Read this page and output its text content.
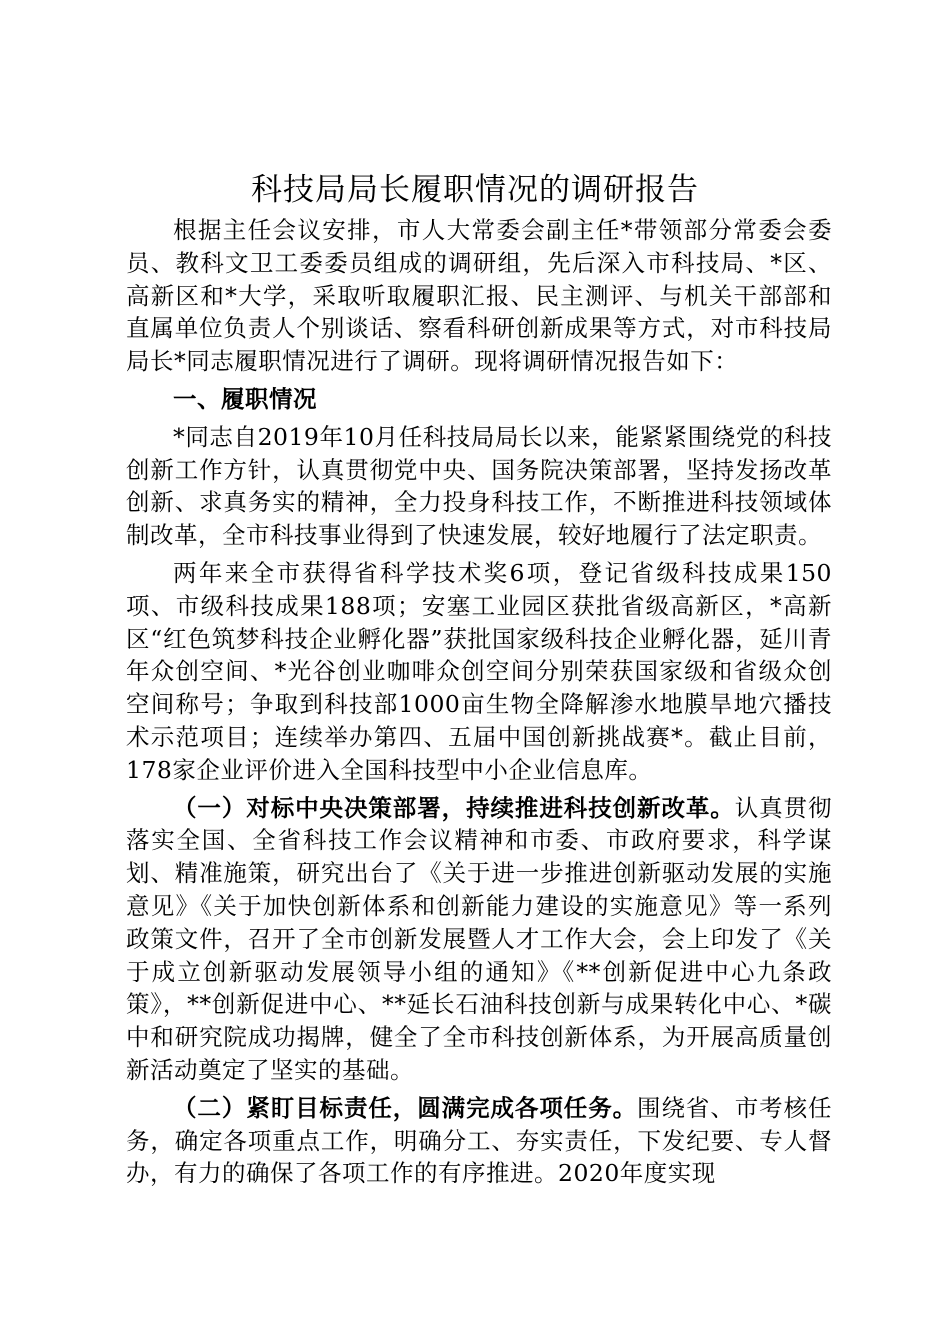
科技局局长履职情况的调研报告

根据主任会议安排，市人大常委会副主任*带领部分常委会委员、教科文卫工委委员组成的调研组，先后深入市科技局、*区、高新区和*大学，采取听取履职汇报、民主测评、与机关干部部和直属单位负责人个别谈话、察看科研创新成果等方式，对市科技局局长*同志履职情况进行了调研。现将调研情况报告如下：

一、履职情况

*同志自2019年10月任科技局局长以来，能紧紧围绕党的科技创新工作方针，认真贯彻党中央、国务院决策部署，坚持发扬改革创新、求真务实的精神，全力投身科技工作，不断推进科技领域体制改革，全市科技事业得到了快速发展，较好地履行了法定职责。

两年来全市获得省科学技术奖6项，登记省级科技成果150项、市级科技成果188项；安塞工业园区获批省级高新区，*高新区“红色筑梦科技企业孵化器”获批国家级科技企业孵化器，延川青年众创空间、*光谷创业咖啡众创空间分别荣获国家级和省级众创空间称号；争取到科技部1000亩生物全降解渗水地膜旱地穴播技术示范项目；连续举办第四、五届中国创新挑战赛*。截止目前，178家企业评价进入全国科技型中小企业信息库。

（一）对标中央决策部署，持续推进科技创新改革。认真贯彻落实全国、全省科技工作会议精神和市委、市政府要求，科学谋划、精准施策，研究出台了《关于进一步推进创新驱动发展的实施意见》《关于加快创新体系和创新能力建设的实施意见》等一系列政策文件，召开了全市创新发展暨人才工作大会，会上印发了《关于成立创新驱动发展领导小组的通知》《**创新促进中心九条政策》，**创新促进中心、**延长石油科技创新与成果转化中心、*碳中和研究院成功揭牌，健全了全市科技创新体系，为开展高质量创新活动奠定了坚实的基础。

（二）紧盯目标责任，圆满完成各项任务。围绕省、市考核任务，确定各项重点工作，明确分工、夯实责任，下发纪要、专人督办，有力的确保了各项工作的有序推进。2020年度实现
